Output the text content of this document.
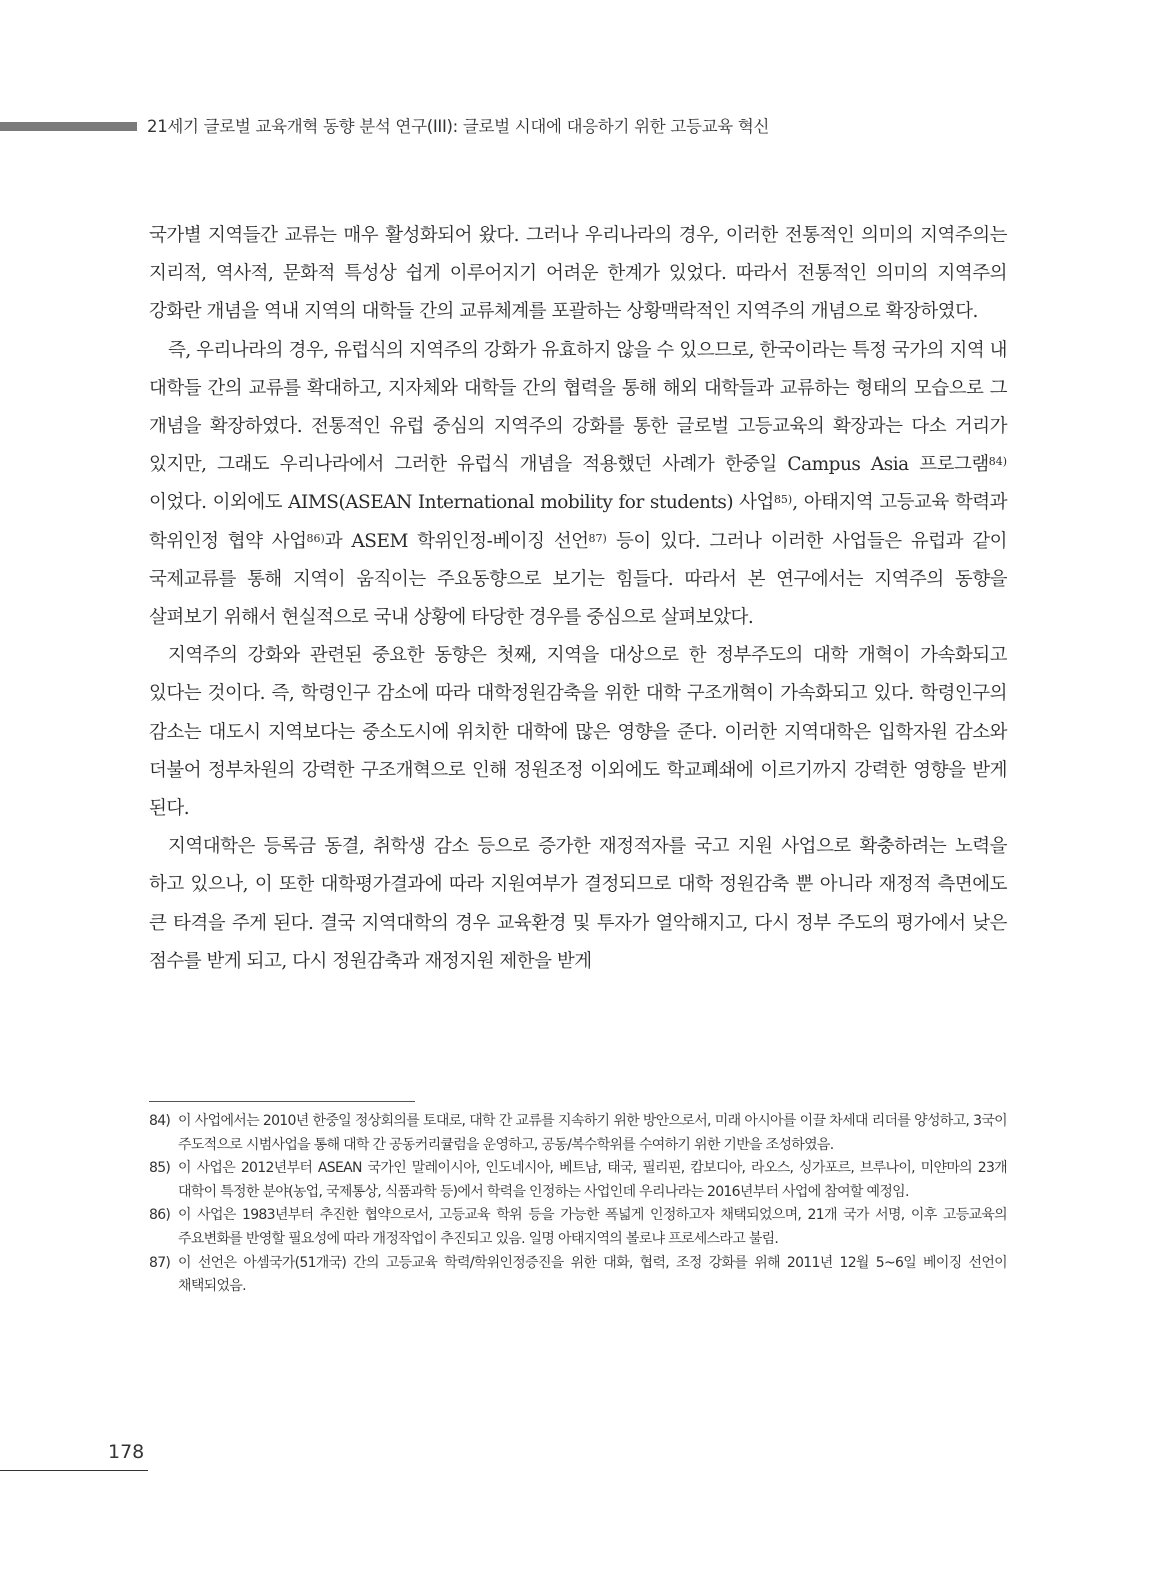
21세기 글로벌 교육개혁 동향 분석 연구(III): 글로벌 시대에 대응하기 위한 고등교육 혁신

국가별 지역들간 교류는 매우 활성화되어 왔다. 그러나 우리나라의 경우, 이러한 전통적인 의미의 지역주의는 지리적, 역사적, 문화적 특성상 쉽게 이루어지기 어려운 한계가 있었다. 따라서 전통적인 의미의 지역주의 강화란 개념을 역내 지역의 대학들 간의 교류체계를 포괄하는 상황맥락적인 지역주의 개념으로 확장하였다.

즉, 우리나라의 경우, 유럽식의 지역주의 강화가 유효하지 않을 수 있으므로, 한국이라는 특정 국가의 지역 내 대학들 간의 교류를 확대하고, 지자체와 대학들 간의 협력을 통해 해외 대학들과 교류하는 형태의 모습으로 그 개념을 확장하였다. 전통적인 유럽 중심의 지역주의 강화를 통한 글로벌 고등교육의 확장과는 다소 거리가 있지만, 그래도 우리나라에서 그러한 유럽식 개념을 적용했던 사례가 한중일 Campus Asia 프로그램$^{84)}$이었다. 이외에도 AIMS(ASEAN International mobility for students) 사업$^{85)}$, 아태지역 고등교육 학력과 학위인정 협약 사업$^{86)}$과 ASEM 학위인정-베이징 선언$^{87)}$ 등이 있다. 그러나 이러한 사업들은 유럽과 같이 국제교류를 통해 지역이 움직이는 주요동향으로 보기는 힘들다. 따라서 본 연구에서는 지역주의 동향을 살펴보기 위해서 현실적으로 국내 상황에 타당한 경우를 중심으로 살펴보았다.

지역주의 강화와 관련된 중요한 동향은 첫째, 지역을 대상으로 한 정부주도의 대학 개혁이 가속화되고 있다는 것이다. 즉, 학령인구 감소에 따라 대학정원감축을 위한 대학 구조개혁이 가속화되고 있다. 학령인구의 감소는 대도시 지역보다는 중소도시에 위치한 대학에 많은 영향을 준다. 이러한 지역대학은 입학자원 감소와 더불어 정부차원의 강력한 구조개혁으로 인해 정원조정 이외에도 학교폐쇄에 이르기까지 강력한 영향을 받게 된다.

지역대학은 등록금 동결, 취학생 감소 등으로 증가한 재정적자를 국고 지원 사업으로 확충하려는 노력을 하고 있으나, 이 또한 대학평가결과에 따라 지원여부가 결정되므로 대학 정원감축 뿐 아니라 재정적 측면에도 큰 타격을 주게 된다. 결국 지역대학의 경우 교육환경 및 투자가 열악해지고, 다시 정부 주도의 평가에서 낮은 점수를 받게 되고, 다시 정원감축과 재정지원 제한을 받게

84) 이 사업에서는 2010년 한중일 정상회의를 토대로, 대학 간 교류를 지속하기 위한 방안으로서, 미래 아시아를 이끌 차세대 리더를 양성하고, 3국이 주도적으로 시범사업을 통해 대학 간 공동커리큘럼을 운영하고, 공동/복수학위를 수여하기 위한 기반을 조성하였음.
85) 이 사업은 2012년부터 ASEAN 국가인 말레이시아, 인도네시아, 베트남, 태국, 필리핀, 캄보디아, 라오스, 싱가포르, 브루나이, 미얀마의 23개 대학이 특정한 분야(농업, 국제통상, 식품과학 등)에서 학력을 인정하는 사업인데 우리나라는 2016년부터 사업에 참여할 예정임.
86) 이 사업은 1983년부터 추진한 협약으로서, 고등교육 학위 등을 가능한 폭넓게 인정하고자 채택되었으며, 21개 국가 서명, 이후 고등교육의 주요변화를 반영할 필요성에 따라 개정작업이 추진되고 있음. 일명 아태지역의 볼로냐 프로세스라고 불림.
87) 이 선언은 아셈국가(51개국) 간의 고등교육 학력/학위인정증진을 위한 대화, 협력, 조정 강화를 위해 2011년 12월 5~6일 베이징 선언이 채택되었음.
178
